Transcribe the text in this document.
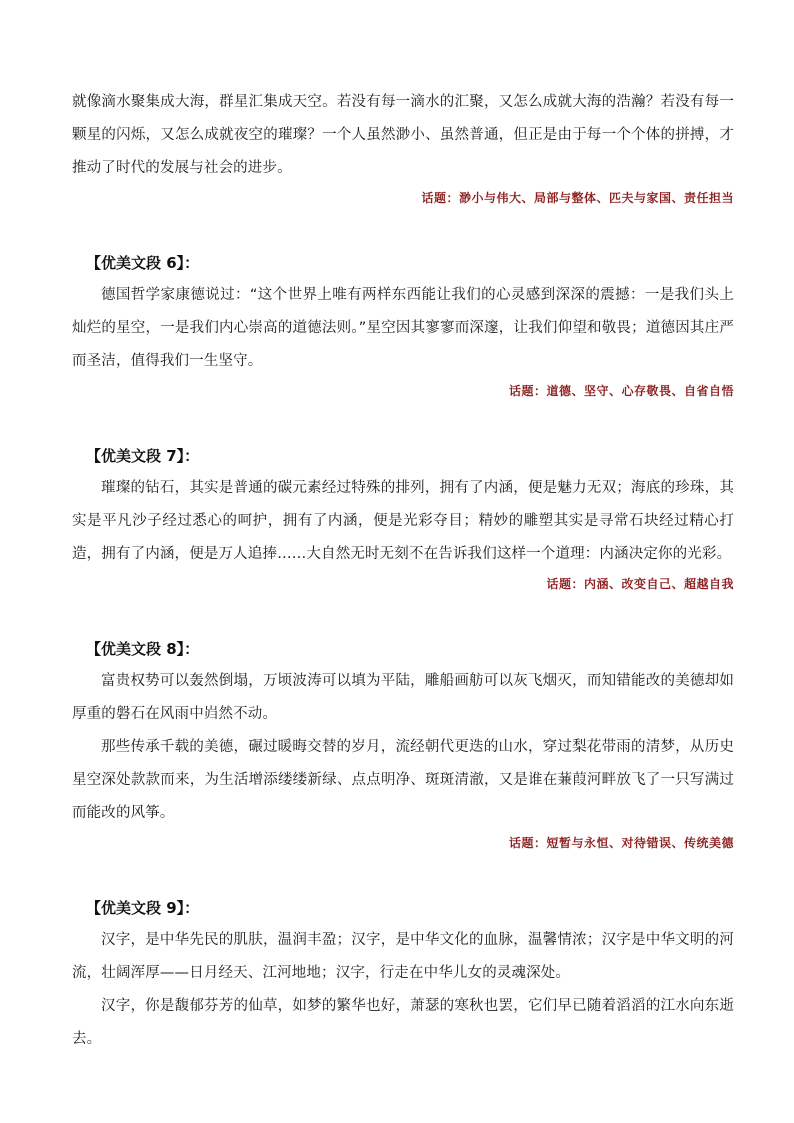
就像滴水聚集成大海，群星汇集成天空。若没有每一滴水的汇聚，又怎么成就大海的浩瀚？若没有每一颗星的闪烁，又怎么成就夜空的璀璨？一个人虽然渺小、虽然普通，但正是由于每一个个体的拼搏，才推动了时代的发展与社会的进步。

话题：渺小与伟大、局部与整体、匹夫与家国、责任担当

【优美文段 6】：

德国哲学家康德说过：“这个世界上唯有两样东西能让我们的心灵感到深深的震撼：一是我们头上灿烂的星空，一是我们内心崇高的道德法则。”星空因其寥寥而深邃，让我们仰望和敬畏；道德因其庄严而圣洁，值得我们一生坚守。

话题：道德、坚守、心存敬畏、自省自悟

【优美文段 7】：

璀璨的钻石，其实是普通的碳元素经过特殊的排列，拥有了内涵，便是魅力无双；海底的珍珠，其实是平凡沙子经过悉心的呵护，拥有了内涵，便是光彩夺目；精妙的雕塑其实是寻常石块经过精心打造，拥有了内涵，便是万人追捧……大自然无时无刻不在告诉我们这样一个道理：内涵决定你的光彩。

话题：内涵、改变自己、超越自我

【优美文段 8】：

富贵权势可以轰然倒塌，万顷波涛可以填为平陆，雕船画舫可以灰飞烟灭，而知错能改的美德却如厚重的磐石在风雨中岿然不动。

那些传承千载的美德，碾过暖晦交替的岁月，流经朝代更迭的山水，穿过梨花带雨的清梦，从历史星空深处款款而来，为生活增添缕缕新绿、点点明净、斑斑清澈，又是谁在蒹葭河畔放飞了一只写满过而能改的风筝。

话题：短暂与永恒、对待错误、传统美德

【优美文段 9】：

汉字，是中华先民的肌肤，温润丰盈；汉字，是中华文化的血脉，温馨情浓；汉字是中华文明的河流，壮阔浑厚——日月经天、江河地地；汉字，行走在中华儿女的灵魂深处。

汉字，你是馥郁芬芳的仙草，如梦的繁华也好，萧瑟的寒秋也罢，它们早已随着滔滔的江水向东逝去。
